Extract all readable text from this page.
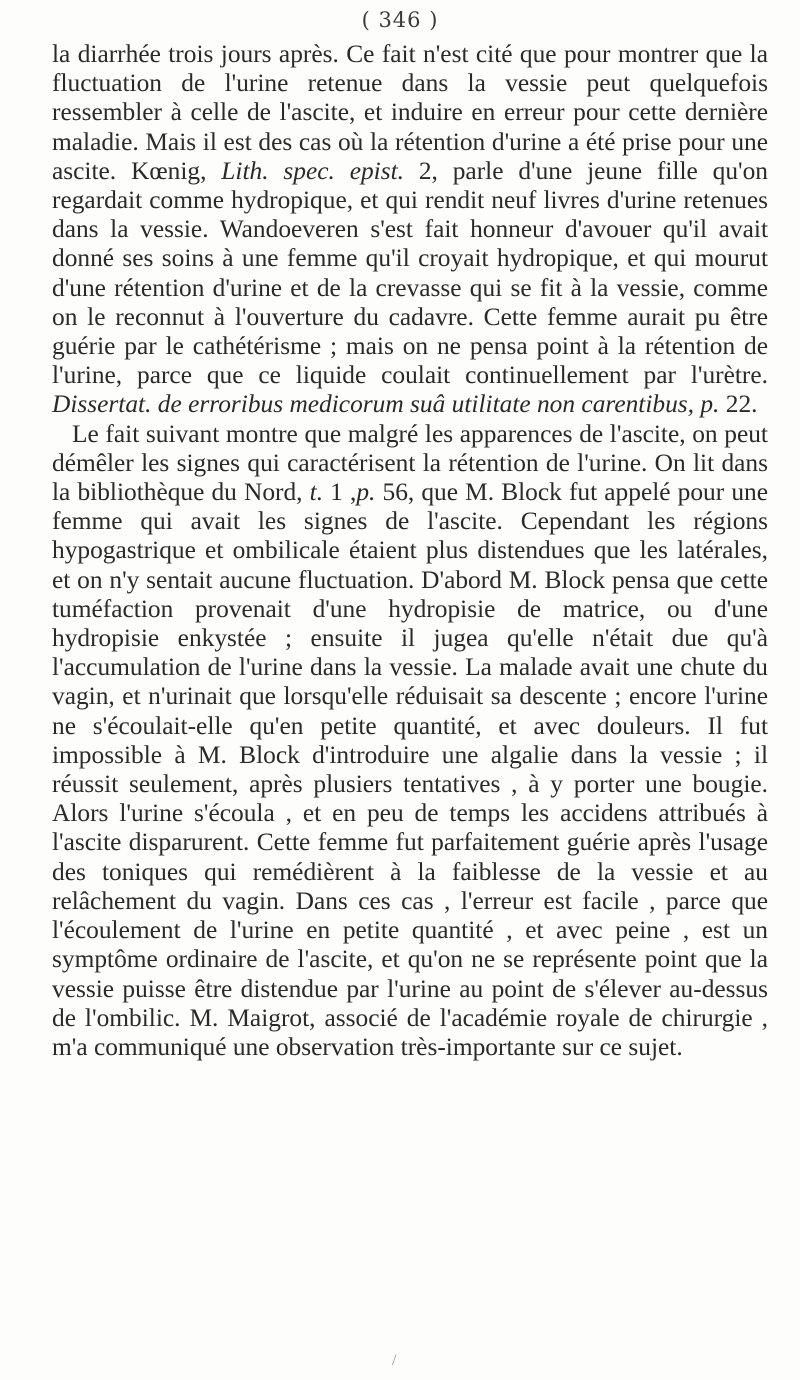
( 346 )

la diarrhée trois jours après. Ce fait n'est cité que pour montrer que la fluctuation de l'urine retenue dans la vessie peut quelquefois ressembler à celle de l'ascite, et induire en erreur pour cette dernière maladie. Mais il est des cas où la rétention d'urine a été prise pour une ascite. Kœnig, Lith. spec. epist. 2, parle d'une jeune fille qu'on regardait comme hydropique, et qui rendit neuf livres d'urine retenues dans la vessie. Wandoeveren s'est fait honneur d'avouer qu'il avait donné ses soins à une femme qu'il croyait hydropique, et qui mourut d'une rétention d'urine et de la crevasse qui se fit à la vessie, comme on le reconnut à l'ouverture du cadavre. Cette femme aurait pu être guérie par le cathétérisme ; mais on ne pensa point à la rétention de l'urine, parce que ce liquide coulait continuellement par l'urètre. Dissertat. de erroribus medicorum suâ utilitate non carentibus, p. 22.

Le fait suivant montre que malgré les apparences de l'ascite, on peut démêler les signes qui caractérisent la rétention de l'urine. On lit dans la bibliothèque du Nord, t. 1 ,p. 56, que M. Block fut appelé pour une femme qui avait les signes de l'ascite. Cependant les régions hypogastrique et ombilicale étaient plus distendues que les latérales, et on n'y sentait aucune fluctuation. D'abord M. Block pensa que cette tuméfaction provenait d'une hydropisie de matrice, ou d'une hydropisie enkystée ; ensuite il jugea qu'elle n'était due qu'à l'accumulation de l'urine dans la vessie. La malade avait une chute du vagin, et n'urinait que lorsqu'elle réduisait sa descente ; encore l'urine ne s'écoulait-elle qu'en petite quantité, et avec douleurs. Il fut impossible à M. Block d'introduire une algalie dans la vessie ; il réussit seulement, après plusiers tentatives , à y porter une bougie. Alors l'urine s'écoula , et en peu de temps les accidens attribués à l'ascite disparurent. Cette femme fut parfaitement guérie après l'usage des toniques qui remédièrent à la faiblesse de la vessie et au relâchement du vagin. Dans ces cas , l'erreur est facile , parce que l'écoulement de l'urine en petite quantité , et avec peine , est un symptôme ordinaire de l'ascite, et qu'on ne se représente point que la vessie puisse être distendue par l'urine au point de s'élever au-dessus de l'ombilic. M. Maigrot, associé de l'académie royale de chirurgie , m'a communiqué une observation très-importante sur ce sujet.

/
